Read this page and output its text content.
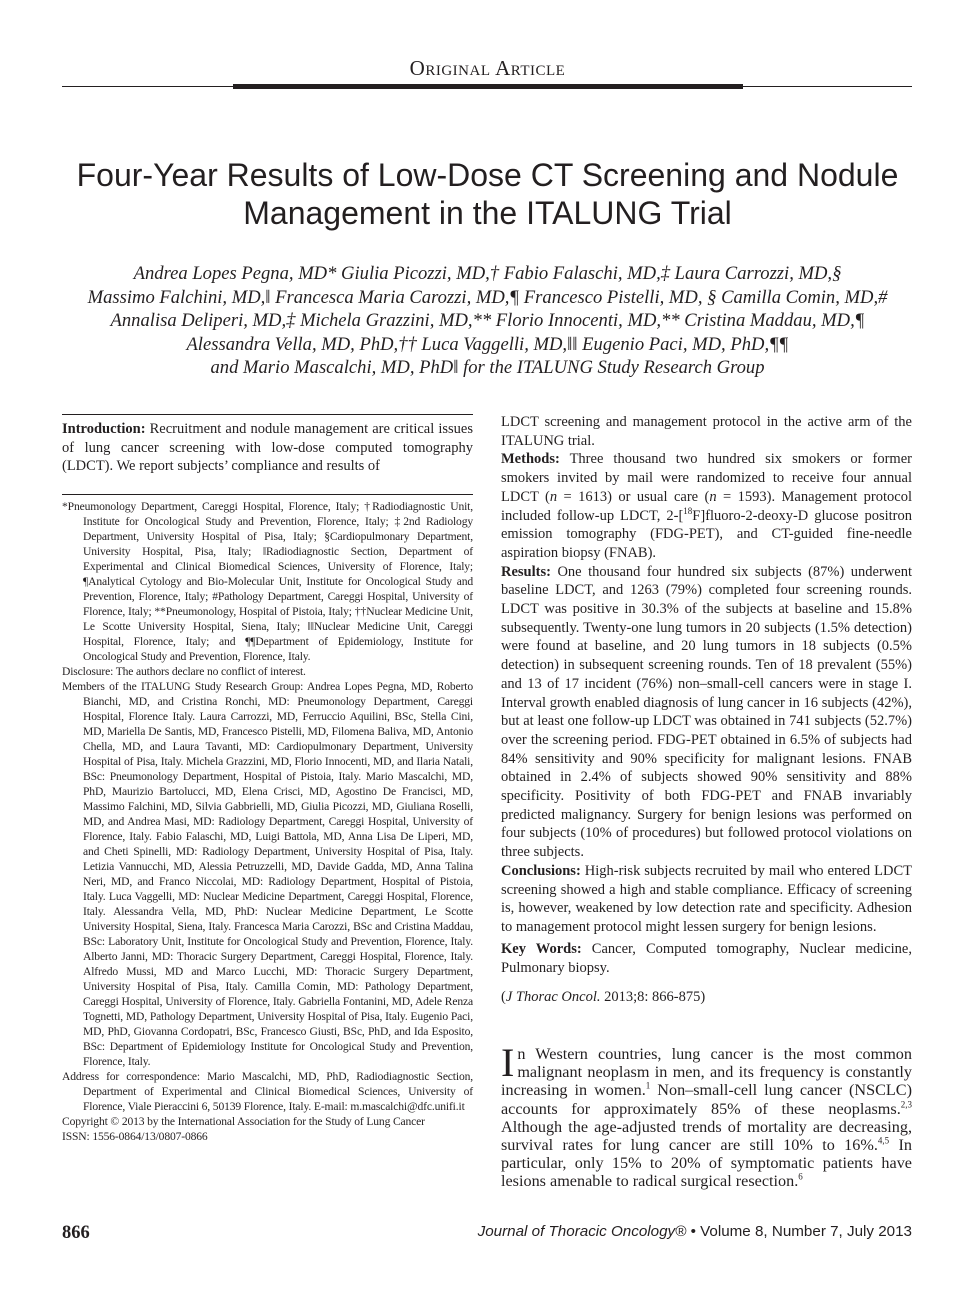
Original Article
Four-Year Results of Low-Dose CT Screening and Nodule Management in the ITALUNG Trial
Andrea Lopes Pegna, MD* Giulia Picozzi, MD,† Fabio Falaschi, MD,‡ Laura Carrozzi, MD,§
Massimo Falchini, MD,‖ Francesca Maria Carozzi, MD,¶ Francesco Pistelli, MD, § Camilla Comin, MD,#
Annalisa Deliperi, MD,‡ Michela Grazzini, MD,** Florio Innocenti, MD,** Cristina Maddau, MD,¶
Alessandra Vella, MD, PhD,†† Luca Vaggelli, MD,‖‖ Eugenio Paci, MD, PhD,¶¶
and Mario Mascalchi, MD, PhD‖ for the ITALUNG Study Research Group
Introduction: Recruitment and nodule management are critical issues of lung cancer screening with low-dose computed tomography (LDCT). We report subjects’ compliance and results of

*Pneumonology Department, Careggi Hospital, Florence, Italy; †Radiodiagnostic Unit, Institute for Oncological Study and Prevention, Florence, Italy; ‡2nd Radiology Department, University Hospital of Pisa, Italy; §Cardiopulmonary Department, University Hospital, Pisa, Italy; ‖Radiodiagnostic Section, Department of Experimental and Clinical Biomedical Sciences, University of Florence, Italy; ¶Analytical Cytology and Bio-Molecular Unit, Institute for Oncological Study and Prevention, Florence, Italy; #Pathology Department, Careggi Hospital, University of Florence, Italy; **Pneumonology, Hospital of Pistoia, Italy; ††Nuclear Medicine Unit, Le Scotte University Hospital, Siena, Italy; ‖‖Nuclear Medicine Unit, Careggi Hospital, Florence, Italy; and ¶¶Department of Epidemiology, Institute for Oncological Study and Prevention, Florence, Italy.

Disclosure: The authors declare no conflict of interest.

Members of the ITALUNG Study Research Group: Andrea Lopes Pegna, MD, Roberto Bianchi, MD, and Cristina Ronchi, MD: Pneumonology Department, Careggi Hospital, Florence Italy. Laura Carrozzi, MD, Ferruccio Aquilini, BSc, Stella Cini, MD, Mariella De Santis, MD, Francesco Pistelli, MD, Filomena Baliva, MD, Antonio Chella, MD, and Laura Tavanti, MD: Cardiopulmonary Department, University Hospital of Pisa, Italy. Michela Grazzini, MD, Florio Innocenti, MD, and Ilaria Natali, BSc: Pneumonology Department, Hospital of Pistoia, Italy. Mario Mascalchi, MD, PhD, Maurizio Bartolucci, MD, Elena Crisci, MD, Agostino De Francisci, MD, Massimo Falchini, MD, Silvia Gabbrielli, MD, Giulia Picozzi, MD, Giuliana Roselli, MD, and Andrea Masi, MD: Radiology Department, Careggi Hospital, University of Florence, Italy. Fabio Falaschi, MD, Luigi Battola, MD, Anna Lisa De Liperi, MD, and Cheti Spinelli, MD: Radiology Department, University Hospital of Pisa, Italy. Letizia Vannucchi, MD, Alessia Petruzzelli, MD, Davide Gadda, MD, Anna Talina Neri, MD, and Franco Niccolai, MD: Radiology Department, Hospital of Pistoia, Italy. Luca Vaggelli, MD: Nuclear Medicine Department, Careggi Hospital, Florence, Italy. Alessandra Vella, MD, PhD: Nuclear Medicine Department, Le Scotte University Hospital, Siena, Italy. Francesca Maria Carozzi, BSc and Cristina Maddau, BSc: Laboratory Unit, Institute for Oncological Study and Prevention, Florence, Italy. Alberto Janni, MD: Thoracic Surgery Department, Careggi Hospital, Florence, Italy. Alfredo Mussi, MD and Marco Lucchi, MD: Thoracic Surgery Department, University Hospital of Pisa, Italy. Camilla Comin, MD: Pathology Department, Careggi Hospital, University of Florence, Italy. Gabriella Fontanini, MD, Adele Renza Tognetti, MD, Pathology Department, University Hospital of Pisa, Italy. Eugenio Paci, MD, PhD, Giovanna Cordopatri, BSc, Francesco Giusti, BSc, PhD, and Ida Esposito, BSc: Department of Epidemiology Institute for Oncological Study and Prevention, Florence, Italy.

Address for correspondence: Mario Mascalchi, MD, PhD, Radiodiagnostic Section, Department of Experimental and Clinical Biomedical Sciences, University of Florence, Viale Pieraccini 6, 50139 Florence, Italy. E-mail: m.mascalchi@dfc.unifi.it

Copyright © 2013 by the International Association for the Study of Lung Cancer

ISSN: 1556-0864/13/0807-0866

LDCT screening and management protocol in the active arm of the ITALUNG trial.

Methods: Three thousand two hundred six smokers or former smokers invited by mail were randomized to receive four annual LDCT (n = 1613) or usual care (n = 1593). Management protocol included follow-up LDCT, 2-[$^{18}$F]fluoro-2-deoxy-D glucose positron emission tomography (FDG-PET), and CT-guided fine-needle aspiration biopsy (FNAB).

Results: One thousand four hundred six subjects (87%) underwent baseline LDCT, and 1263 (79%) completed four screening rounds. LDCT was positive in 30.3% of the subjects at baseline and 15.8% subsequently. Twenty-one lung tumors in 20 subjects (1.5% detection) were found at baseline, and 20 lung tumors in 18 subjects (0.5% detection) in subsequent screening rounds. Ten of 18 prevalent (55%) and 13 of 17 incident (76%) non–small-cell cancers were in stage I. Interval growth enabled diagnosis of lung cancer in 16 subjects (42%), but at least one follow-up LDCT was obtained in 741 subjects (52.7%) over the screening period. FDG-PET obtained in 6.5% of subjects had 84% sensitivity and 90% specificity for malignant lesions. FNAB obtained in 2.4% of subjects showed 90% sensitivity and 88% specificity. Positivity of both FDG-PET and FNAB invariably predicted malignancy. Surgery for benign lesions was performed on four subjects (10% of procedures) but followed protocol violations on three subjects.

Conclusions: High-risk subjects recruited by mail who entered LDCT screening showed a high and stable compliance. Efficacy of screening is, however, weakened by low detection rate and specificity. Adhesion to management protocol might lessen surgery for benign lesions.

Key Words: Cancer, Computed tomography, Nuclear medicine, Pulmonary biopsy.
(J Thorac Oncol. 2013;8: 866-875)
In Western countries, lung cancer is the most common malignant neoplasm in men, and its frequency is constantly increasing in women.$^1$ Non–small-cell lung cancer (NSCLC) accounts for approximately 85% of these neoplasms.$^{2,3}$ Although the age-adjusted trends of mortality are decreasing, survival rates for lung cancer are still 10% to 16%.$^{4,5}$ In particular, only 15% to 20% of symptomatic patients have lesions amenable to radical surgical resection.$^6$
866	Journal of Thoracic Oncology® • Volume 8, Number 7, July 2013
